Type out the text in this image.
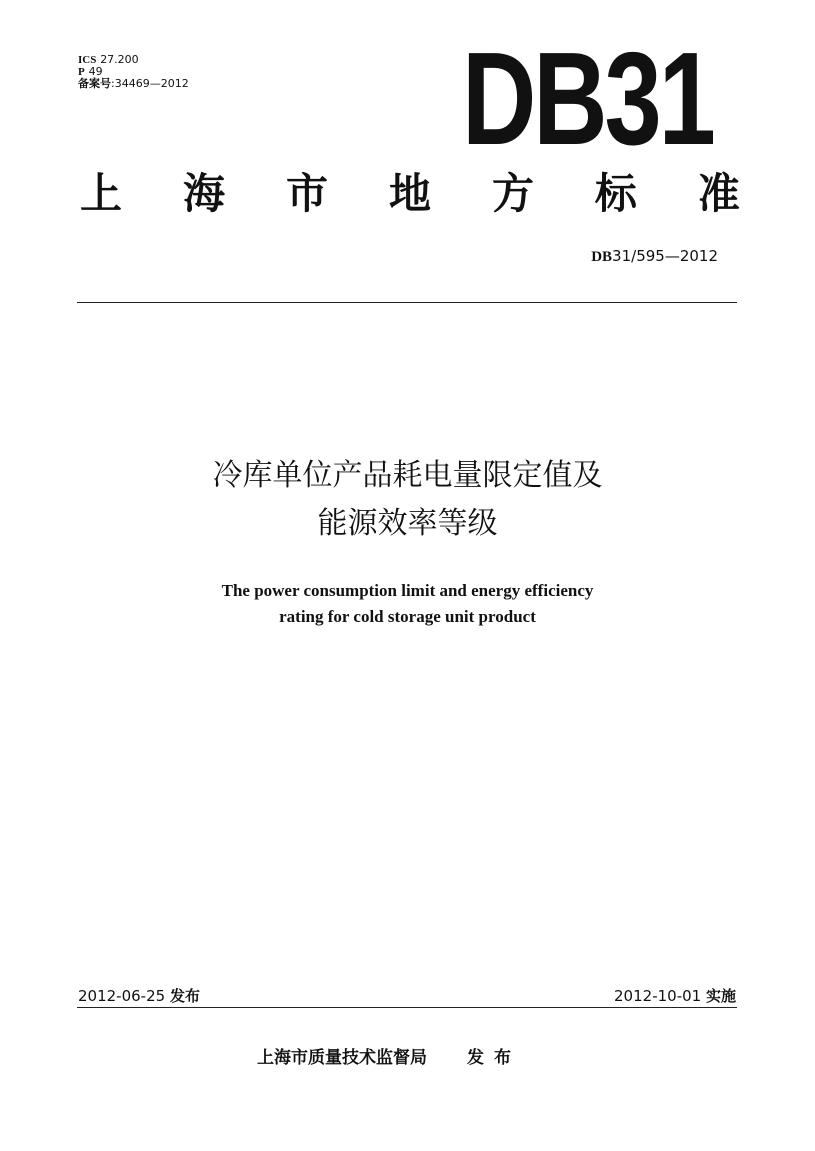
ICS 27.200
P 49
备案号:34469—2012 DB31
上 海 市 地 方 标 准
DB31/595—2012
冷库单位产品耗电量限定值及
能源效率等级
The power consumption limit and energy efficiency
rating for cold storage unit product
2012-06-25 发布	2012-10-01 实施
上海市质量技术监督局 发布
